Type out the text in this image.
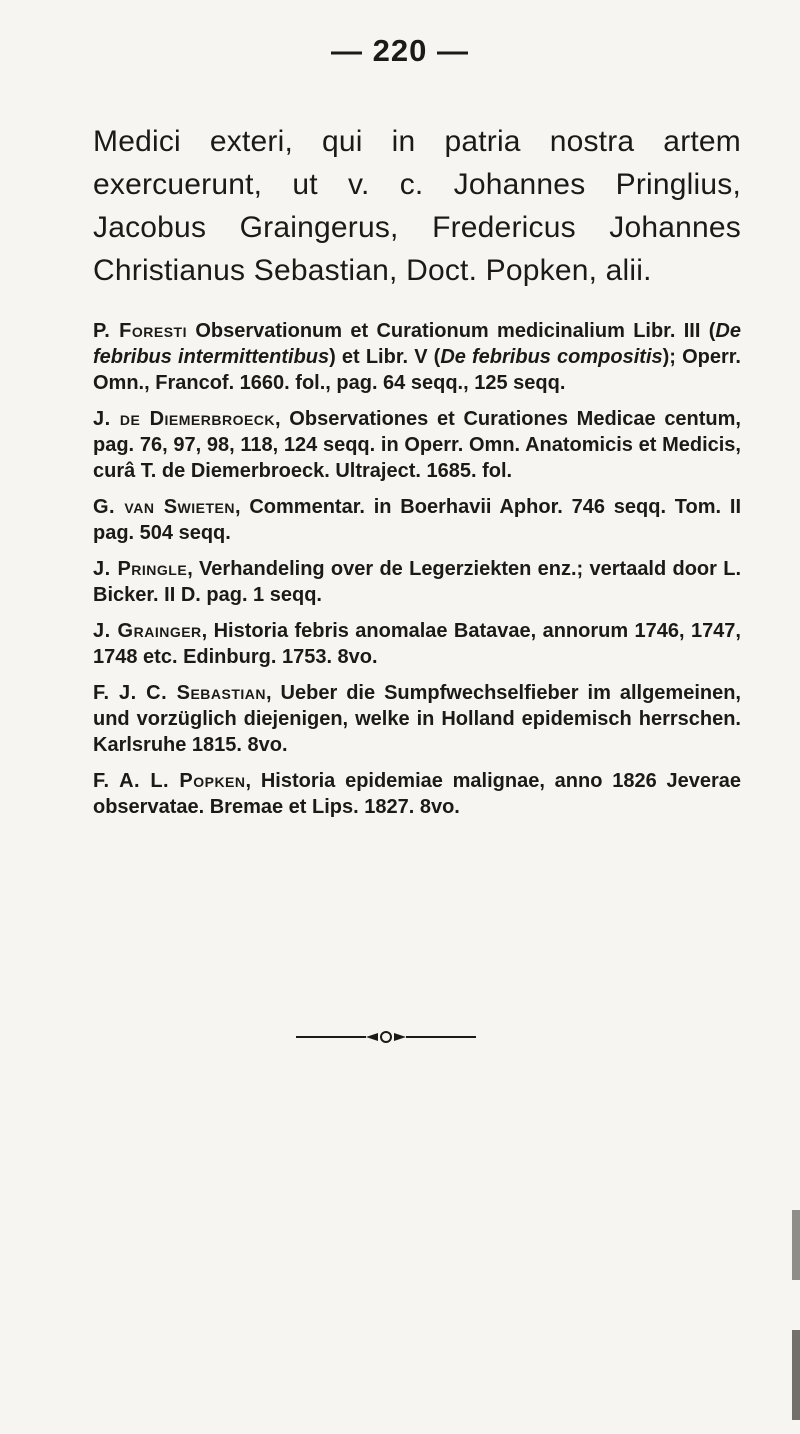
— 220 —

Medici exteri, qui in patria nostra artem exercuerunt, ut v. c. Johannes Pringlius, Jacobus Graingerus, Fredericus Johannes Christianus Sebastian, Doct. Popken, alii.

P. Foresti Observationum et Curationum medicinalium Libr. III (De febribus intermittentibus) et Libr. V (De febribus compositis); Operr. Omn., Francof. 1660. fol., pag. 64 seqq., 125 seqq.

J. de Diemerbroeck, Observationes et Curationes Medicae centum, pag. 76, 97, 98, 118, 124 seqq. in Operr. Omn. Anatomicis et Medicis, curâ T. de Diemerbroeck. Ultraject. 1685. fol.

G. van Swieten, Commentar. in Boerhavii Aphor. 746 seqq. Tom. II pag. 504 seqq.

J. Pringle, Verhandeling over de Legerziekten enz.; vertaald door L. Bicker. II D. pag. 1 seqq.

J. Grainger, Historia febris anomalae Batavae, annorum 1746, 1747, 1748 etc. Edinburg. 1753. 8vo.

F. J. C. Sebastian, Ueber die Sumpfwechselfieber im allgemeinen, und vorzüglich diejenigen, welke in Holland epidemisch herrschen. Karlsruhe 1815. 8vo.

F. A. L. Popken, Historia epidemiae malignae, anno 1826 Jeverae observatae. Bremae et Lips. 1827. 8vo.
